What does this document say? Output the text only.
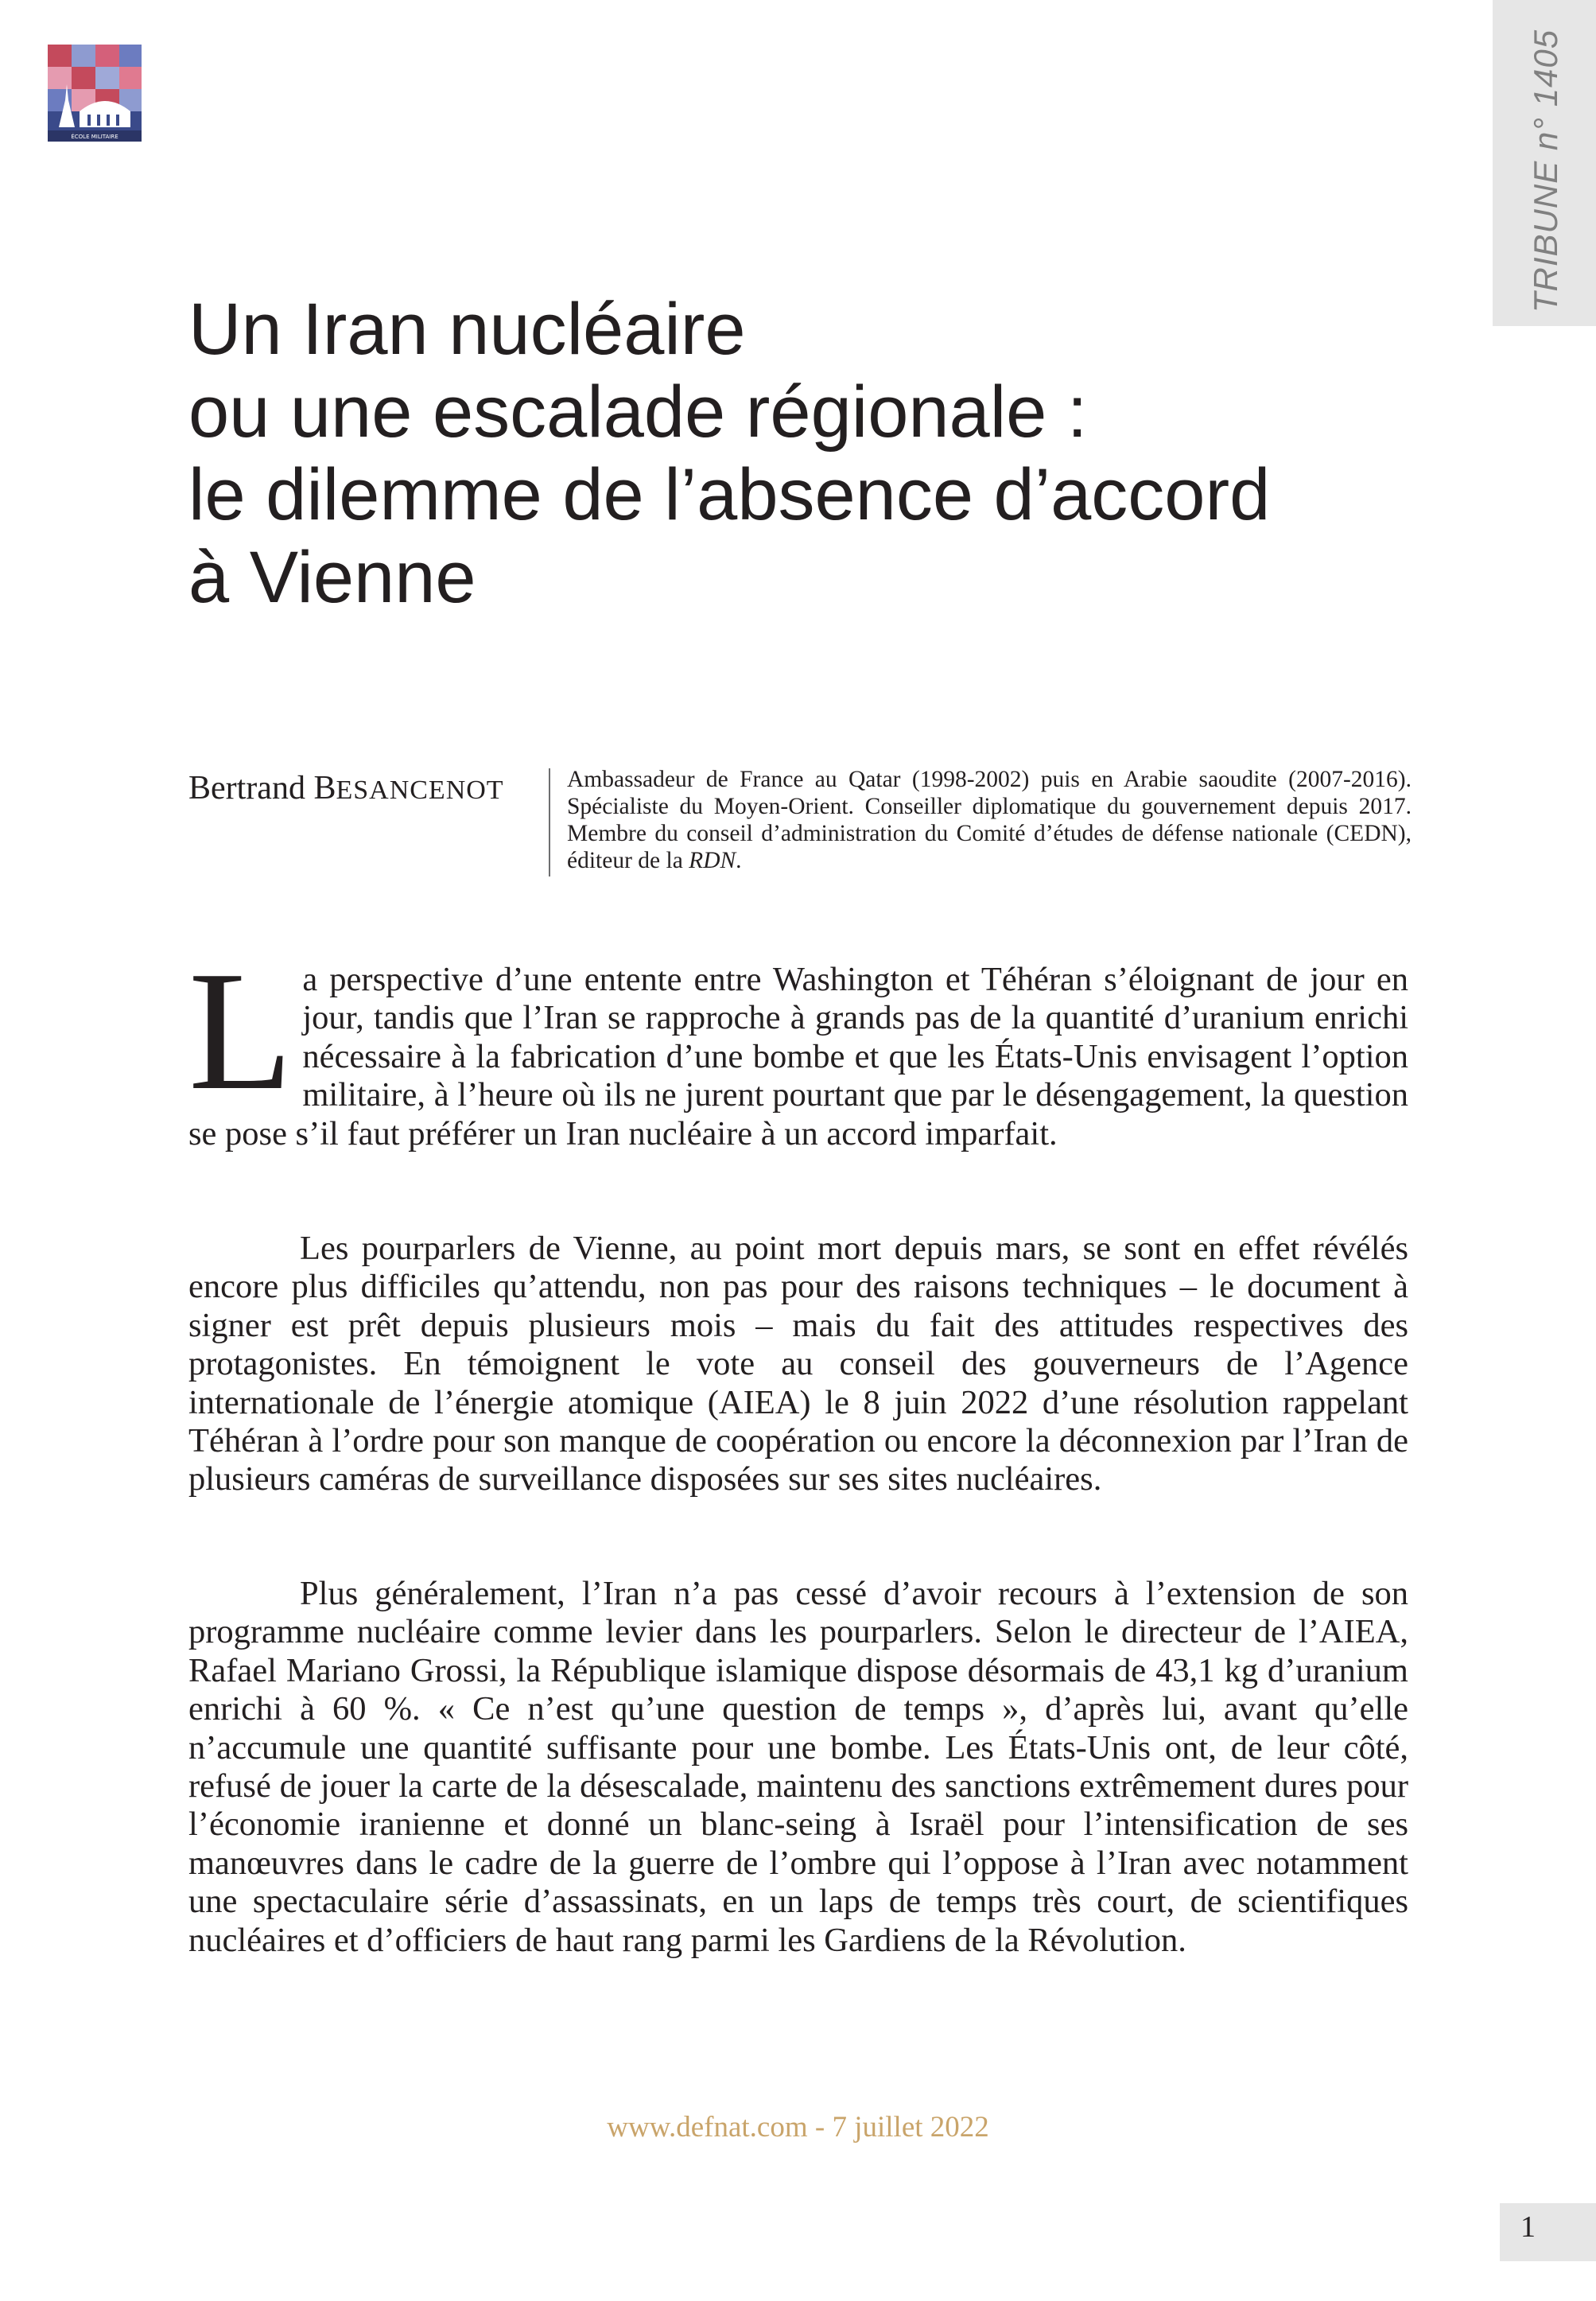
ÉCOLE MILITAIRE	TRIBUNE n° 1405
Un Iran nucléaire
ou une escalade régionale :
le dilemme de l’absence d’accord
à Vienne
Bertrand BESANCENOT	Ambassadeur de France au Qatar (1998-2002) puis en Arabie saoudite (2007-2016). Spécialiste du Moyen-Orient. Conseiller diplomatique du gouvernement depuis 2017. Membre du conseil d’administration du Comité d’études de défense nationale (CEDN), éditeur de la RDN.

L a perspective d’une entente entre Washington et Téhéran s’éloignant de jour en jour, tandis que l’Iran se rapproche à grands pas de la quantité d’uranium enrichi nécessaire à la fabrication d’une bombe et que les États-Unis envisagent l’option militaire, à l’heure où ils ne jurent pourtant que par le désengagement, la question se pose s’il faut préférer un Iran nucléaire à un accord imparfait.

Les pourparlers de Vienne, au point mort depuis mars, se sont en effet révélés encore plus difficiles qu’attendu, non pas pour des raisons techniques – le document à signer est prêt depuis plusieurs mois – mais du fait des attitudes respectives des protagonistes. En témoignent le vote au conseil des gouverneurs de l’Agence internationale de l’énergie atomique (AIEA) le 8 juin 2022 d’une résolution rappelant Téhéran à l’ordre pour son manque de coopération ou encore la déconnexion par l’Iran de plusieurs caméras de surveillance disposées sur ses sites nucléaires.

Plus généralement, l’Iran n’a pas cessé d’avoir recours à l’extension de son programme nucléaire comme levier dans les pourparlers. Selon le directeur de l’AIEA, Rafael Mariano Grossi, la République islamique dispose désormais de 43,1 kg d’uranium enrichi à 60 %. « Ce n’est qu’une question de temps », d’après lui, avant qu’elle n’accumule une quantité suffisante pour une bombe. Les États-Unis ont, de leur côté, refusé de jouer la carte de la désescalade, maintenu des sanctions extrêmement dures pour l’économie iranienne et donné un blanc-seing à Israël pour l’intensification de ses manœuvres dans le cadre de la guerre de l’ombre qui l’oppose à l’Iran avec notamment une spectaculaire série d’assassinats, en un laps de temps très court, de scientifiques nucléaires et d’officiers de haut rang parmi les Gardiens de la Révolution.

www.defnat.com - 7 juillet 2022
1
